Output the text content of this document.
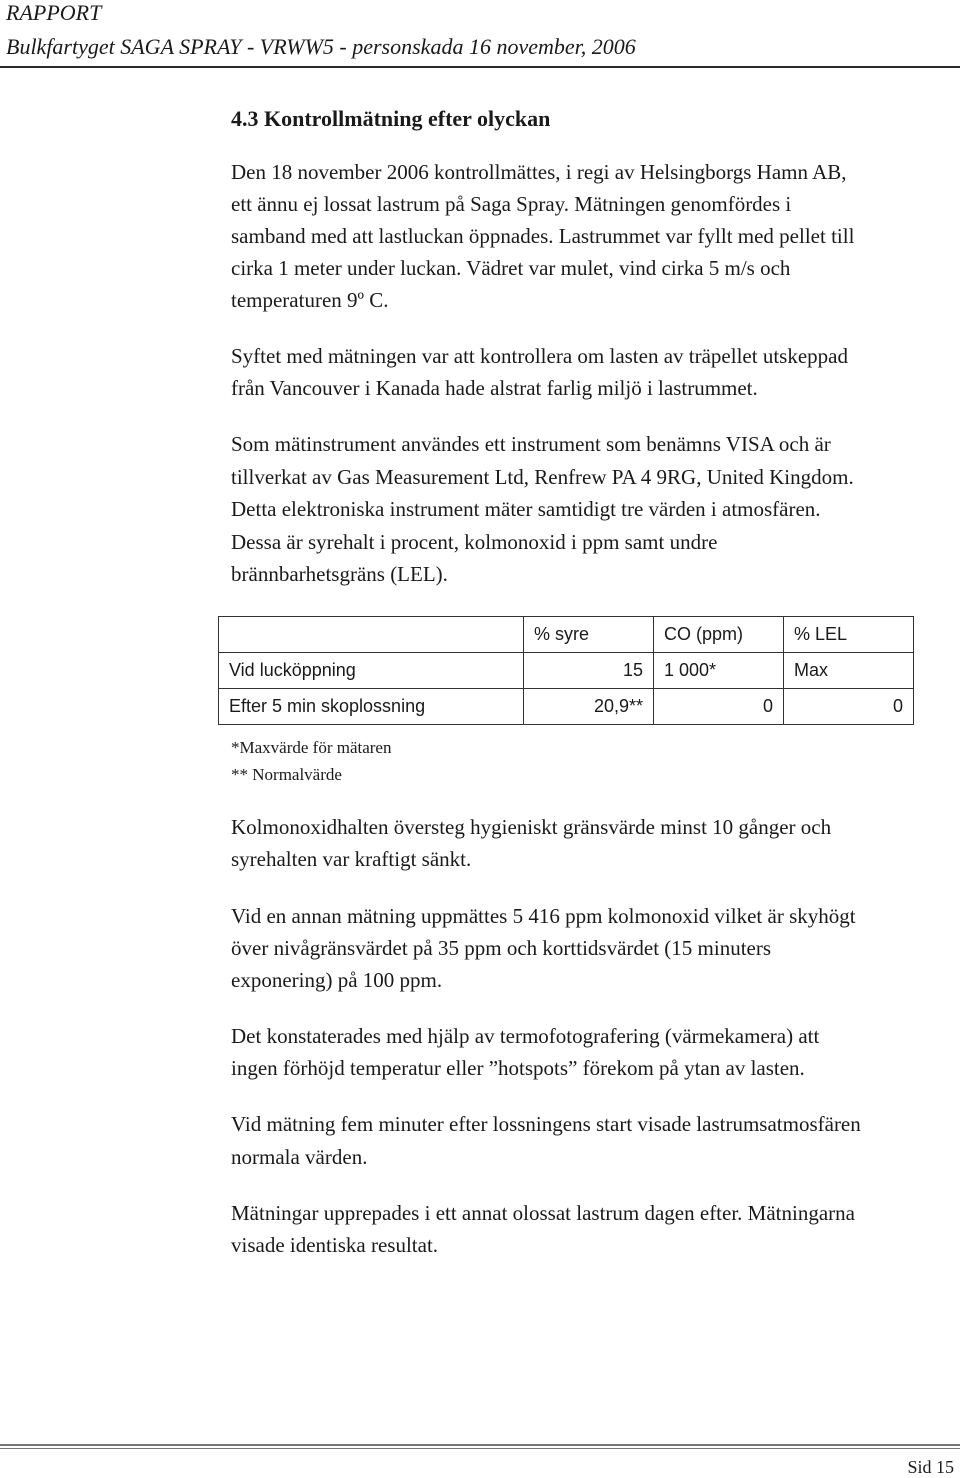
RAPPORT

Bulkfartyget SAGA SPRAY - VRWW5 - personskada 16 november, 2006

4.3 Kontrollmätning efter olyckan

Den 18 november 2006 kontrollmättes, i regi av Helsingborgs Hamn AB,

ett ännu ej lossat lastrum på Saga Spray. Mätningen genomfördes i

samband med att lastluckan öppnades. Lastrummet var fyllt med pellet till

cirka 1 meter under luckan. Vädret var mulet, vind cirka 5 m/s och

temperaturen 9º C.

Syftet med mätningen var att kontrollera om lasten av träpellet utskeppad

från Vancouver i Kanada hade alstrat farlig miljö i lastrummet.

Som mätinstrument användes ett instrument som benämns VISA och är

tillverkat av Gas Measurement Ltd, Renfrew PA 4 9RG, United Kingdom.

Detta elektroniska instrument mäter samtidigt tre värden i atmosfären.

Dessa är syrehalt i procent, kolmonoxid i ppm samt undre

brännbarhetsgräns (LEL).

	% syre	CO (ppm)	% LEL
Vid lucköppning	15	1 000*	Max
Efter 5 min skoplossning	20,9**	0	0

*Maxvärde för mätaren

** Normalvärde

Kolmonoxidhalten översteg hygieniskt gränsvärde minst 10 gånger och

syrehalten var kraftigt sänkt.

Vid en annan mätning uppmättes 5 416 ppm kolmonoxid vilket är skyhögt

över nivågränsvärdet på 35 ppm och korttidsvärdet (15 minuters

exponering) på 100 ppm.

Det konstaterades med hjälp av termofotografering (värmekamera) att

ingen förhöjd temperatur eller ”hotspots” förekom på ytan av lasten.

Vid mätning fem minuter efter lossningens start visade lastrumsatmosfären

normala värden.

Mätningar upprepades i ett annat olossat lastrum dagen efter. Mätningarna

visade identiska resultat.

Sid 15
